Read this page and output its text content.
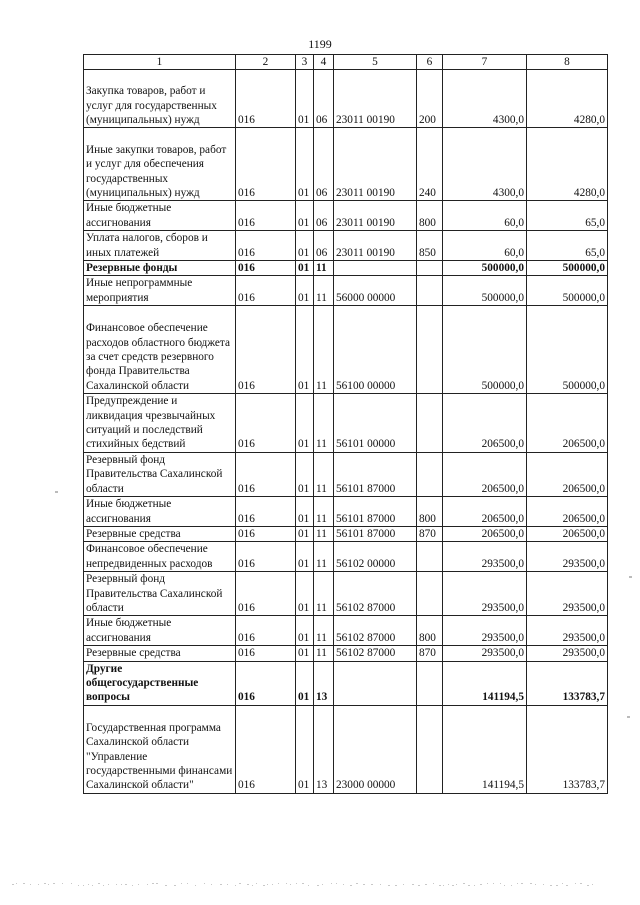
1199
1	2	3	4	5	6	7	8
Закупка товаров, работ и услуг для государственных (муниципальных) нужд	016	01	06	23011 00190	200	4300,0	4280,0
Иные закупки товаров, работ и услуг для обеспечения государственных (муниципальных) нужд	016	01	06	23011 00190	240	4300,0	4280,0
Иные бюджетные ассигнования	016	01	06	23011 00190	800	60,0	65,0
Уплата налогов, сборов и иных платежей	016	01	06	23011 00190	850	60,0	65,0
Резервные фонды	016	01	11			500000,0	500000,0
Иные непрограммные мероприятия	016	01	11	56000 00000		500000,0	500000,0
Финансовое обеспечение расходов областного бюджета за счет средств резервного фонда Правительства Сахалинской области	016	01	11	56100 00000		500000,0	500000,0
Предупреждение и ликвидация чрезвычайных ситуаций и последствий стихийных бедствий	016	01	11	56101 00000		206500,0	206500,0
Резервный фонд Правительства Сахалинской области	016	01	11	56101 87000		206500,0	206500,0
Иные бюджетные ассигнования	016	01	11	56101 87000	800	206500,0	206500,0
Резервные средства	016	01	11	56101 87000	870	206500,0	206500,0
Финансовое обеспечение непредвиденных расходов	016	01	11	56102 00000		293500,0	293500,0
Резервный фонд Правительства Сахалинской области	016	01	11	56102 87000		293500,0	293500,0
Иные бюджетные ассигнования	016	01	11	56102 87000	800	293500,0	293500,0
Резервные средства	016	01	11	56102 87000	870	293500,0	293500,0
Другие общегосударственные вопросы	016	01	13			141194,5	133783,7
Государственная программа Сахалинской области "Управление государственными финансами Сахалинской области"	016	01	13	23000 00000		141194,5	133783,7
